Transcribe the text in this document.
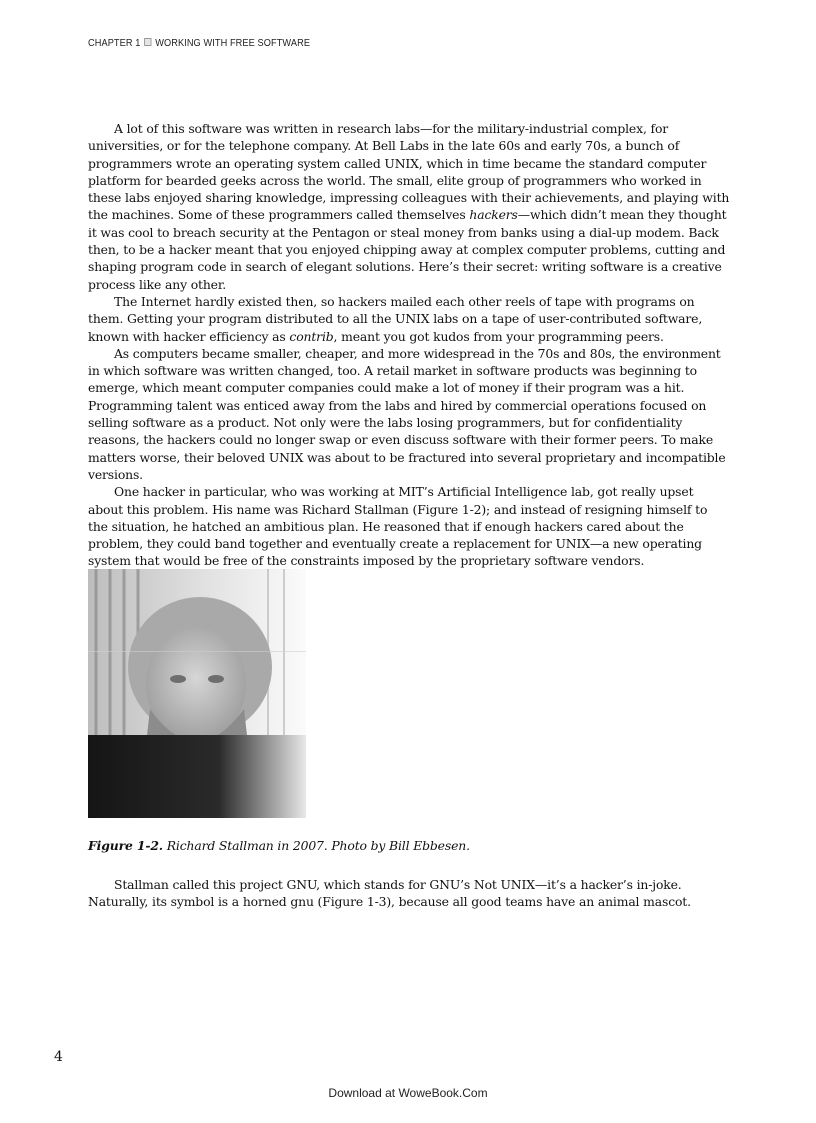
CHAPTER 1 WORKING WITH FREE SOFTWARE

A lot of this software was written in research labs—for the military-industrial complex, for universities, or for the telephone company. At Bell Labs in the late 60s and early 70s, a bunch of programmers wrote an operating system called UNIX, which in time became the standard computer platform for bearded geeks across the world. The small, elite group of programmers who worked in these labs enjoyed sharing knowledge, impressing colleagues with their achievements, and playing with the machines. Some of these programmers called themselves hackers—which didn’t mean they thought it was cool to breach security at the Pentagon or steal money from banks using a dial-up modem. Back then, to be a hacker meant that you enjoyed chipping away at complex computer problems, cutting and shaping program code in search of elegant solutions. Here’s their secret: writing software is a creative process like any other.

The Internet hardly existed then, so hackers mailed each other reels of tape with programs on them. Getting your program distributed to all the UNIX labs on a tape of user-contributed software, known with hacker efficiency as contrib, meant you got kudos from your programming peers.

As computers became smaller, cheaper, and more widespread in the 70s and 80s, the environment in which software was written changed, too. A retail market in software products was beginning to emerge, which meant computer companies could make a lot of money if their program was a hit. Programming talent was enticed away from the labs and hired by commercial operations focused on selling software as a product. Not only were the labs losing programmers, but for confidentiality reasons, the hackers could no longer swap or even discuss software with their former peers. To make matters worse, their beloved UNIX was about to be fractured into several proprietary and incompatible versions.

One hacker in particular, who was working at MIT’s Artificial Intelligence lab, got really upset about this problem. His name was Richard Stallman (Figure 1-2); and instead of resigning himself to the situation, he hatched an ambitious plan. He reasoned that if enough hackers cared about the problem, they could band together and eventually create a replacement for UNIX—a new operating system that would be free of the constraints imposed by the proprietary software vendors.

Figure 1-2. Richard Stallman in 2007. Photo by Bill Ebbesen.

Stallman called this project GNU, which stands for GNU’s Not UNIX—it’s a hacker’s in-joke. Naturally, its symbol is a horned gnu (Figure 1-3), because all good teams have an animal mascot.

4
Download at WoweBook.Com
